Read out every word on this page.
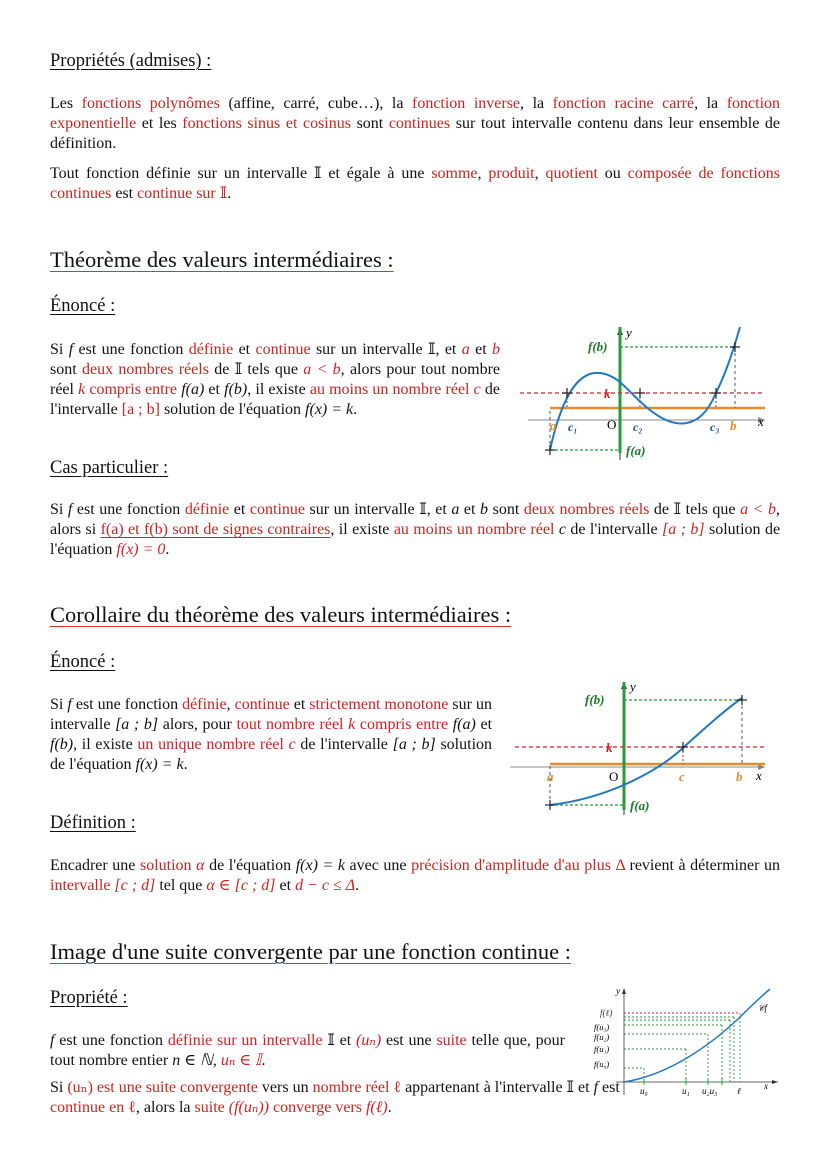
Propriétés (admises) :

Les fonctions polynômes (affine, carré, cube…), la fonction inverse, la fonction racine carré, la fonction exponentielle et les fonctions sinus et cosinus sont continues sur tout intervalle contenu dans leur ensemble de définition.

Tout fonction définie sur un intervalle 𝕀 et égale à une somme, produit, quotient ou composée de fonctions continues est continue sur 𝕀.

Théorème des valeurs intermédiaires :
Énoncé :

Si f est une fonction définie et continue sur un intervalle 𝕀, et a et b sont deux nombres réels de 𝕀 tels que a < b, alors pour tout nombre réel k compris entre f(a) et f(b), il existe au moins un nombre réel c de l'intervalle [a ; b] solution de l'équation f(x) = k.

f(b)
y
k
a c₁ O c₂	c₃ b x
f(a)
Cas particulier :

Si f est une fonction définie et continue sur un intervalle 𝕀, et a et b sont deux nombres réels de 𝕀 tels que a < b, alors si f(a) et f(b) sont de signes contraires, il existe au moins un nombre réel c de l'intervalle [a ; b] solution de l'équation f(x) = 0.

Corollaire du théorème des valeurs intermédiaires :
Énoncé :

Si f est une fonction définie, continue et strictement monotone sur un intervalle [a ; b] alors, pour tout nombre réel k compris entre f(a) et f(b), il existe un unique nombre réel c de l'intervalle [a ; b] solution de l'équation f(x) = k.

f(b)
y
k
a	O	c	b x
f(a)
Définition :

Encadrer une solution α de l'équation f(x) = k avec une précision d'amplitude d'au plus Δ revient à déterminer un intervalle [c ; d] tel que α ∈ [c ; d] et d − c ≤ Δ.

Image d'une suite convergente par une fonction continue :
Propriété :

f est une fonction définie sur un intervalle 𝕀 et (uₙ) est une suite telle que, pour tout nombre entier n ∈ ℕ, uₙ ∈ 𝕀.

Si (uₙ) est une suite convergente vers un nombre réel ℓ appartenant à l'intervalle 𝕀 et f est continue en ℓ, alors la suite (f(uₙ)) converge vers f(ℓ).

y
f(ℓ)
f(u₃)
f(u₂)
f(u₁)
f(u₀)
u₀	u₁ u₂u₃ ℓ	x
𝒞f
